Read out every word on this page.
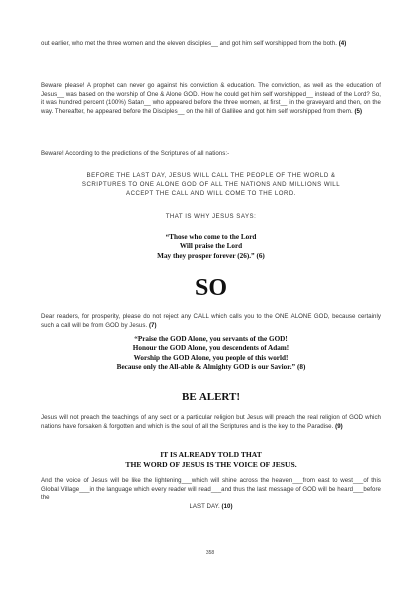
out earlier, who met the three women and the eleven disciples__ and got him self worshipped from the both. (4)
Beware please! A prophet can never go against his conviction & education. The conviction, as well as the education of Jesus__ was based on the worship of One & Alone GOD. How he could get him self worshipped__ instead of the Lord? So, it was hundred percent (100%) Satan__ who appeared before the three women, at first__ in the graveyard and then, on the way. Thereafter, he appeared before the Disciples__ on the hill of Gallilee and got him self worshipped from them. (5)
Beware! According to the predictions of the Scriptures of all nations:-
BEFORE THE LAST DAY, JESUS WILL CALL THE PEOPLE OF THE WORLD &
SCRIPTURES TO ONE ALONE GOD OF ALL THE NATIONS AND MILLIONS WILL
ACCEPT THE CALL AND WILL COME TO THE LORD.
THAT IS WHY JESUS SAYS:
“Those who come to the Lord
Will praise the Lord
May they prosper forever (26).” (6)
SO
Dear readers, for prosperity, please do not reject any CALL which calls you to the ONE ALONE GOD, because certainly such a call will be from GOD by Jesus. (7)
“Praise the GOD Alone, you servants of the GOD!
Honour the GOD Alone, you descendents of Adam!
Worship the GOD Alone, you people of this world!
Because only the All-able & Almighty GOD is our Savior.” (8)
BE ALERT!
Jesus will not preach the teachings of any sect or a particular religion but Jesus will preach the real religion of GOD which nations have forsaken & forgotten and which is the soul of all the Scriptures and is the key to the Paradise. (9)
IT IS ALREADY TOLD THAT
THE WORD OF JESUS IS THE VOICE OF JESUS.
And the voice of Jesus will be like the lightening___which will shine across the heaven___from east to west___of this Global Village___in the language which every reader will read___and thus the last message of GOD will be heard___before the
LAST DAY. (10)
358
